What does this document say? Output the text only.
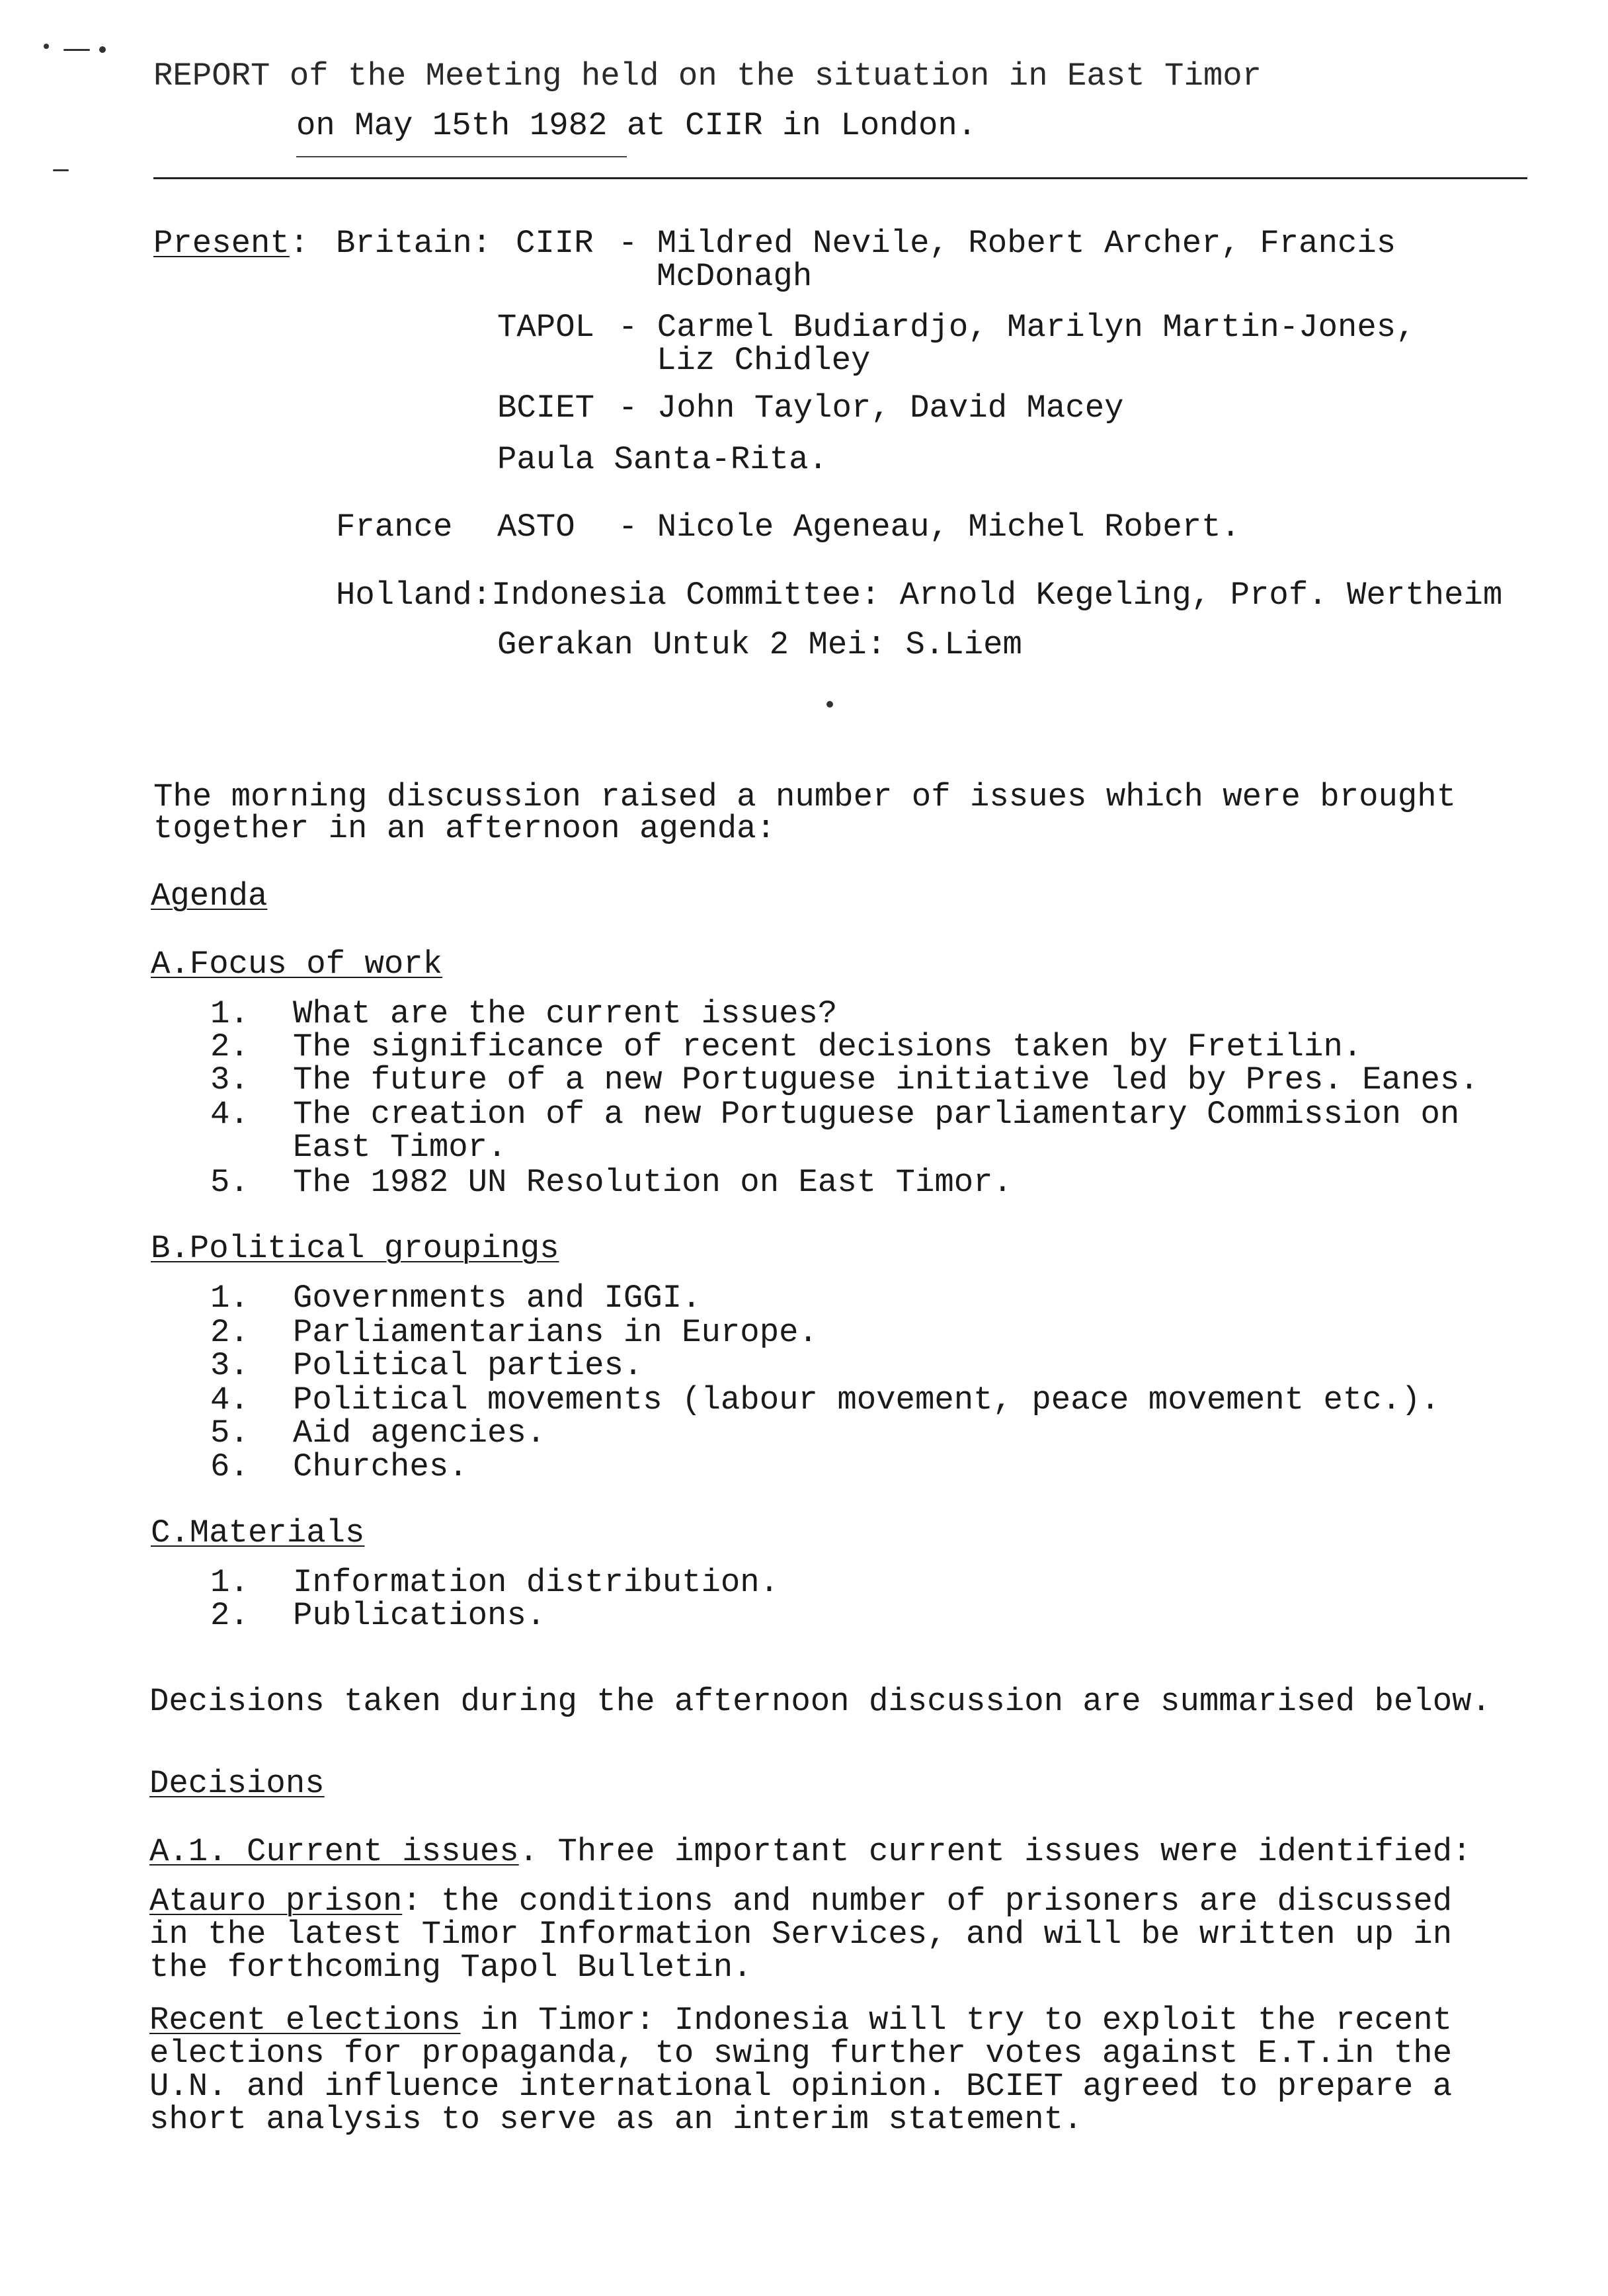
REPORT of the Meeting held on the situation in East Timor
on May 15th 1982 at CIIR in London.
Present: Britain: CIIR - Mildred Nevile, Robert Archer, Francis
McDonagh
TAPOL - Carmel Budiardjo, Marilyn Martin-Jones,
Liz Chidley
BCIET - John Taylor, David Macey
Paula Santa-Rita.
France ASTO - Nicole Ageneau, Michel Robert.
Holland:Indonesia Committee: Arnold Kegeling, Prof. Wertheim
Gerakan Untuk 2 Mei: S.Liem
The morning discussion raised a number of issues which were brought
together in an afternoon agenda:
Agenda
A.Focus of work
1. What are the current issues?
2. The significance of recent decisions taken by Fretilin.
3. The future of a new Portuguese initiative led by Pres. Eanes.
4. The creation of a new Portuguese parliamentary Commission on
East Timor.
5. The 1982 UN Resolution on East Timor.
B.Political groupings
1. Governments and IGGI.
2. Parliamentarians in Europe.
3. Political parties.
4. Political movements (labour movement, peace movement etc.).
5. Aid agencies.
6. Churches.
C.Materials
1. Information distribution.
2. Publications.
Decisions taken during the afternoon discussion are summarised below.
Decisions
A.1. Current issues. Three important current issues were identified:
Atauro prison: the conditions and number of prisoners are discussed
in the latest Timor Information Services, and will be written up in
the forthcoming Tapol Bulletin.
Recent elections in Timor: Indonesia will try to exploit the recent
elections for propaganda, to swing further votes against E.T.in the
U.N. and influence international opinion. BCIET agreed to prepare a
short analysis to serve as an interim statement.
